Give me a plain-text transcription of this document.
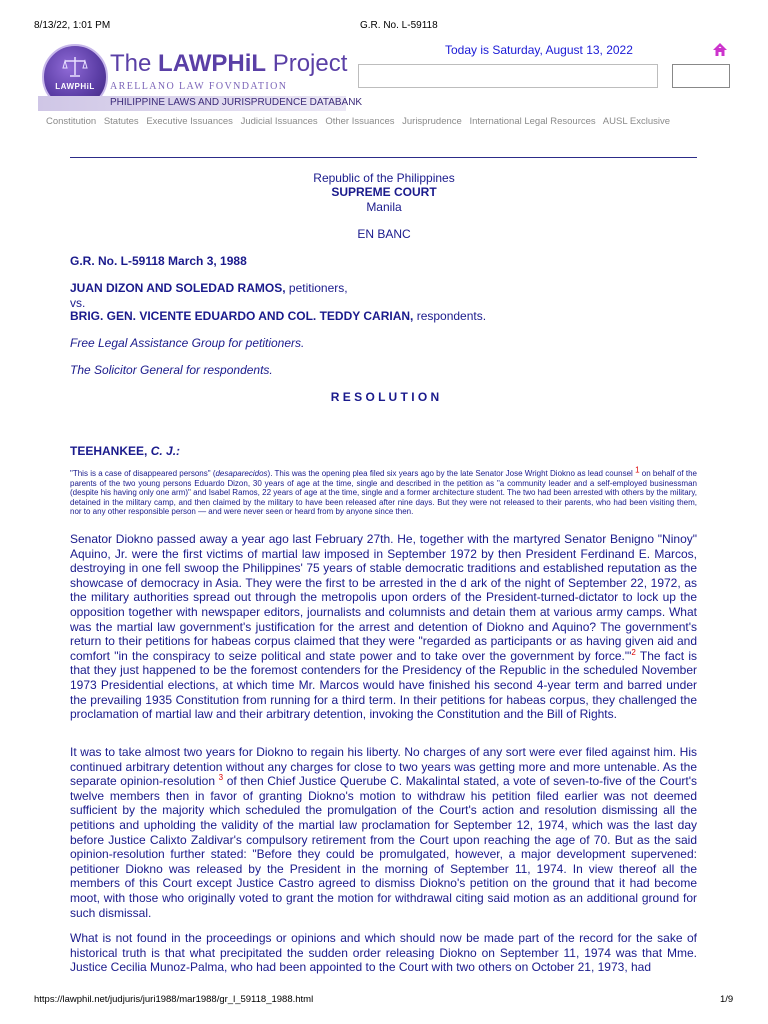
8/13/22, 1:01 PM	G.R. No. L-59118
LAWPHiL
The LAWPHiL Project
ARELLANO LAW FOVNDATION
PHILIPPINE LAWS AND JURISPRUDENCE DATABANK
Today is Saturday, August 13, 2022
Constitution Statutes Executive Issuances Judicial Issuances Other Issuances Jurisprudence International Legal Resources AUSL Exclusive
Republic of the Philippines
SUPREME COURT
Manila
EN BANC
G.R. No. L-59118 March 3, 1988
JUAN DIZON AND SOLEDAD RAMOS, petitioners,
vs.
BRIG. GEN. VICENTE EDUARDO AND COL. TEDDY CARIAN, respondents.
Free Legal Assistance Group for petitioners.
The Solicitor General for respondents.
R E S O L U T I O N
TEEHANKEE, C. J.:
"This is a case of disappeared persons" (desaparecidos). This was the opening plea filed six years ago by the late Senator Jose Wright Diokno as lead counsel $^1$ on behalf of the parents of the two young persons Eduardo Dizon, 30 years of age at the time, single and described in the petition as "a community leader and a self-employed businessman (despite his having only one arm)" and Isabel Ramos, 22 years of age at the time, single and a former architecture student. The two had been arrested with others by the military, detained in the military camp, and then claimed by the military to have been released after nine days. But they were not released to their parents, who had been visiting them, nor to any other responsible person — and were never seen or heard from by anyone since then.
Senator Diokno passed away a year ago last February 27th. He, together with the martyred Senator Benigno "Ninoy" Aquino, Jr. were the first victims of martial law imposed in September 1972 by then President Ferdinand E. Marcos, destroying in one fell swoop the Philippines' 75 years of stable democratic traditions and established reputation as the showcase of democracy in Asia. They were the first to be arrested in the d ark of the night of September 22, 1972, as the military authorities spread out through the metropolis upon orders of the President-turned-dictator to lock up the opposition together with newspaper editors, journalists and columnists and detain them at various army camps. What was the martial law government's justification for the arrest and detention of Diokno and Aquino? The government's return to their petitions for habeas corpus claimed that they were "regarded as participants or as having given aid and comfort "in the conspiracy to seize political and state power and to take over the government by force."'$^2$ The fact is that they just happened to be the foremost contenders for the Presidency of the Republic in the scheduled November 1973 Presidential elections, at which time Mr. Marcos would have finished his second 4-year term and barred under the prevailing 1935 Constitution from running for a third term. In their petitions for habeas corpus, they challenged the proclamation of martial law and their arbitrary detention, invoking the Constitution and the Bill of Rights.
It was to take almost two years for Diokno to regain his liberty. No charges of any sort were ever filed against him. His continued arbitrary detention without any charges for close to two years was getting more and more untenable. As the separate opinion-resolution $^3$ of then Chief Justice Querube C. Makalintal stated, a vote of seven-to-five of the Court's twelve members then in favor of granting Diokno's motion to withdraw his petition filed earlier was not deemed sufficient by the majority which scheduled the promulgation of the Court's action and resolution dismissing all the petitions and upholding the validity of the martial law proclamation for September 12, 1974, which was the last day before Justice Calixto Zaldivar's compulsory retirement from the Court upon reaching the age of 70. But as the said opinion-resolution further stated: "Before they could be promulgated, however, a major development supervened: petitioner Diokno was released by the President in the morning of September 11, 1974. In view thereof all the members of this Court except Justice Castro agreed to dismiss Diokno's petition on the ground that it had become moot, with those who originally voted to grant the motion for withdrawal citing said motion as an additional ground for such dismissal.
What is not found in the proceedings or opinions and which should now be made part of the record for the sake of historical truth is that what precipitated the sudden order releasing Diokno on September 11, 1974 was that Mme. Justice Cecilia Munoz-Palma, who had been appointed to the Court with two others on October 21, 1973, had
https://lawphil.net/judjuris/juri1988/mar1988/gr_l_59118_1988.html	1/9
